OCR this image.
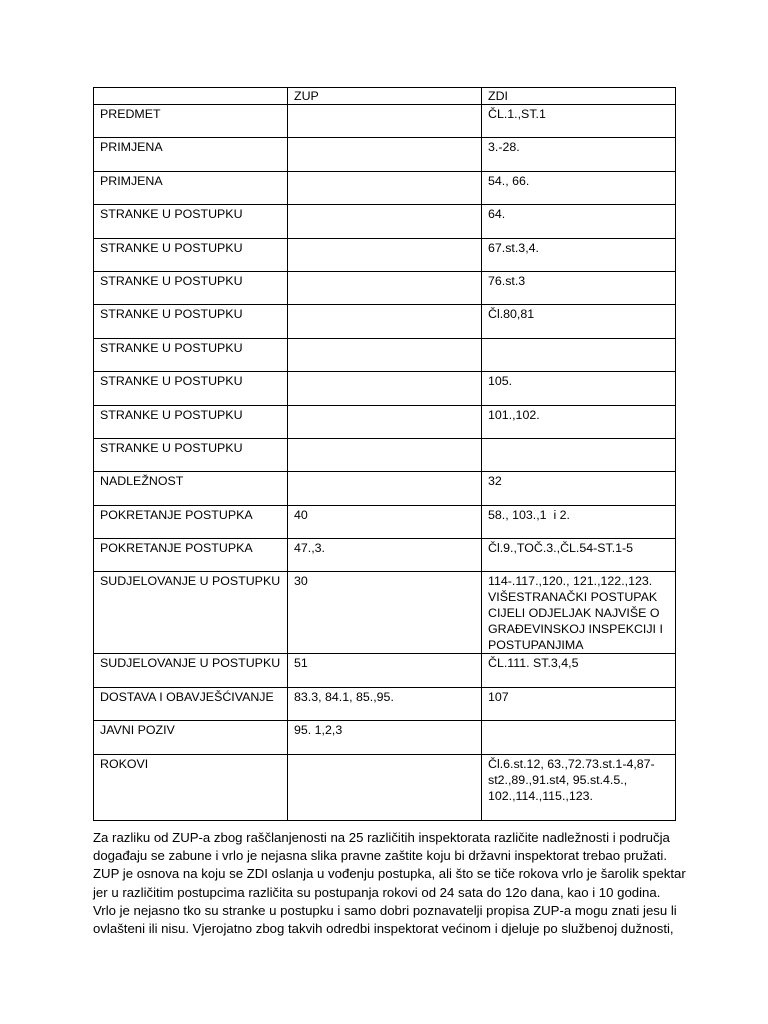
	ZUP	ZDI
PREDMET		ČL.1.,ST.1
PRIMJENA		3.-28.
PRIMJENA		54., 66.
STRANKE U POSTUPKU		64.
STRANKE U POSTUPKU		67.st.3,4.
STRANKE U POSTUPKU		76.st.3
STRANKE U POSTUPKU		Čl.80,81
STRANKE U POSTUPKU		
STRANKE U POSTUPKU		105.
STRANKE U POSTUPKU		101.,102.
STRANKE U POSTUPKU		
NADLEŽNOST		32
POKRETANJE POSTUPKA	40	58., 103.,1  i 2.
POKRETANJE POSTUPKA	47.,3.	Čl.9.,TOČ.3.,ČL.54-ST.1-5
SUDJELOVANJE U POSTUPKU	30	114-.117.,120., 121.,122.,123. VIŠESTRANAČKI POSTUPAK CIJELI ODJELJAK NAJVIŠE O GRAĐEVINSKOJ INSPEKCIJI I POSTUPANJIMA
SUDJELOVANJE U POSTUPKU	51	ČL.111. ST.3,4,5
DOSTAVA I OBAVJEŠĆIVANJE	83.3, 84.1, 85.,95.	107
JAVNI POZIV	95. 1,2,3	
ROKOVI		Čl.6.st.12, 63.,72.73.st.1-4,87-st2.,89.,91.st4, 95.st.4.5., 102.,114.,115.,123.

Za razliku od ZUP-a zbog raščlanjenosti na 25 različitih inspektorata različite nadležnosti i područja

događaju se zabune i vrlo je nejasna slika pravne zaštite koju bi državni inspektorat trebao pružati.

ZUP je osnova na koju se ZDI oslanja u vođenju postupka, ali što se tiče rokova vrlo je šarolik spektar

jer u različitim postupcima različita su postupanja rokovi od 24 sata do 12o dana, kao i 10 godina.

Vrlo je nejasno tko su stranke u postupku i samo dobri poznavatelji propisa ZUP-a mogu znati jesu li

ovlašteni ili nisu. Vjerojatno zbog takvih odredbi inspektorat većinom i djeluje po službenoj dužnosti,
